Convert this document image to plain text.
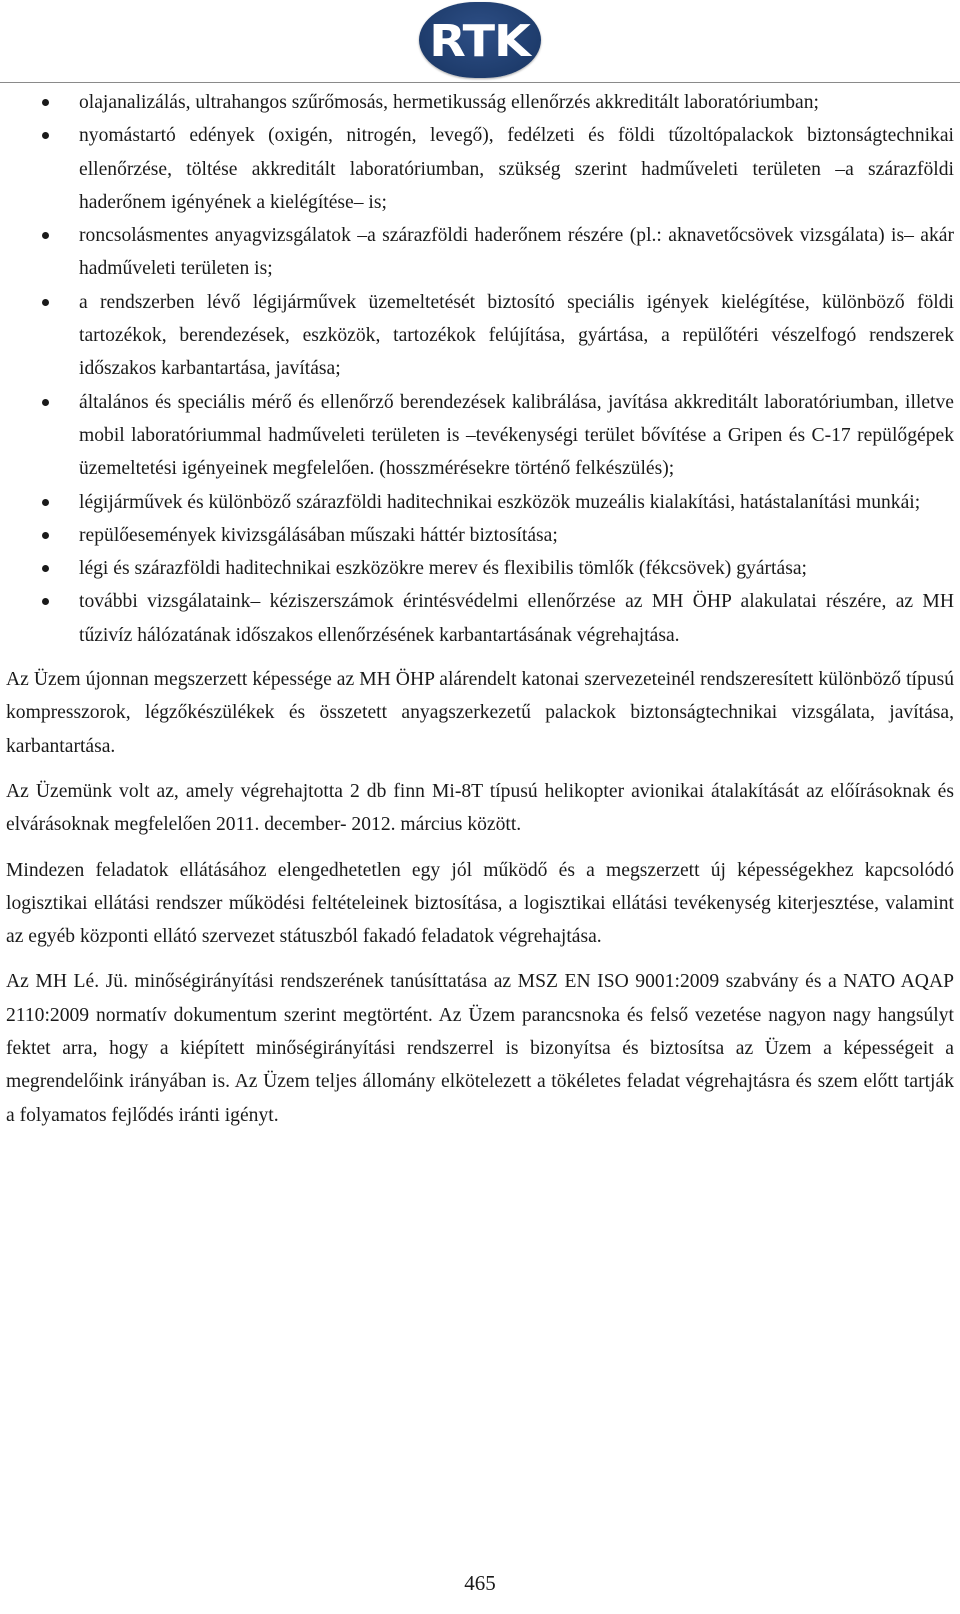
RTK
olajanalizálás, ultrahangos szűrőmosás, hermetikusság ellenőrzés akkreditált laboratóriumban;
nyomástartó edények (oxigén, nitrogén, levegő), fedélzeti és földi tűzoltópalackok biztonságtechnikai ellenőrzése, töltése akkreditált laboratóriumban, szükség szerint hadműveleti területen –a szárazföldi haderőnem igényének a kielégítése– is;
roncsolásmentes anyagvizsgálatok –a szárazföldi haderőnem részére (pl.: aknavetőcsövek vizsgálata) is– akár hadműveleti területen is;
a rendszerben lévő légijárművek üzemeltetését biztosító speciális igények kielégítése, különböző földi tartozékok, berendezések, eszközök, tartozékok felújítása, gyártása, a repülőtéri vészelfogó rendszerek időszakos karbantartása, javítása;
általános és speciális mérő és ellenőrző berendezések kalibrálása, javítása akkreditált laboratóriumban, illetve mobil laboratóriummal hadműveleti területen is –tevékenységi terület bővítése a Gripen és C-17 repülőgépek üzemeltetési igényeinek megfelelően. (hosszmérésekre történő felkészülés);
légijárművek és különböző szárazföldi haditechnikai eszközök muzeális kialakítási, hatástalanítási munkái;
repülőesemények kivizsgálásában műszaki háttér biztosítása;
légi és szárazföldi haditechnikai eszközökre merev és flexibilis tömlők (fékcsövek) gyártása;
további vizsgálataink– kéziszerszámok érintésvédelmi ellenőrzése az MH ÖHP alakulatai részére, az MH tűzivíz hálózatának időszakos ellenőrzésének karbantartásának végrehajtása.

Az Üzem újonnan megszerzett képessége az MH ÖHP alárendelt katonai szervezeteinél rendszeresített különböző típusú kompresszorok, légzőkészülékek és összetett anyagszerkezetű palackok biztonságtechnikai vizsgálata, javítása, karbantartása.

Az Üzemünk volt az, amely végrehajtotta 2 db finn Mi-8T típusú helikopter avionikai átalakítását az előírásoknak és elvárásoknak megfelelően 2011. december- 2012. március között.

Mindezen feladatok ellátásához elengedhetetlen egy jól működő és a megszerzett új képességekhez kapcsolódó logisztikai ellátási rendszer működési feltételeinek biztosítása, a logisztikai ellátási tevékenység kiterjesztése, valamint az egyéb központi ellátó szervezet státuszból fakadó feladatok végrehajtása.

Az MH Lé. Jü. minőségirányítási rendszerének tanúsíttatása az MSZ EN ISO 9001:2009 szabvány és a NATO AQAP 2110:2009 normatív dokumentum szerint megtörtént. Az Üzem parancsnoka és felső vezetése nagyon nagy hangsúlyt fektet arra, hogy a kiépített minőségirányítási rendszerrel is bizonyítsa és biztosítsa az Üzem a képességeit a megrendelőink irányában is. Az Üzem teljes állomány elkötelezett a tökéletes feladat végrehajtásra és szem előtt tartják a folyamatos fejlődés iránti igényt.

465
